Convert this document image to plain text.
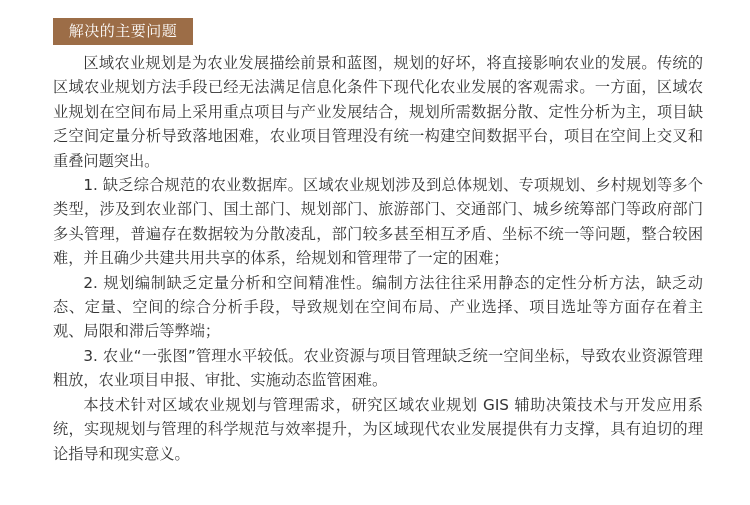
解决的主要问题

区域农业规划是为农业发展描绘前景和蓝图，规划的好坏，将直接影响农业的发展。传统的区域农业规划方法手段已经无法满足信息化条件下现代化农业发展的客观需求。一方面，区域农业规划在空间布局上采用重点项目与产业发展结合，规划所需数据分散、定性分析为主，项目缺乏空间定量分析导致落地困难，农业项目管理没有统一构建空间数据平台，项目在空间上交叉和重叠问题突出。

1. 缺乏综合规范的农业数据库。区域农业规划涉及到总体规划、专项规划、乡村规划等多个类型，涉及到农业部门、国土部门、规划部门、旅游部门、交通部门、城乡统筹部门等政府部门多头管理，普遍存在数据较为分散凌乱，部门较多甚至相互矛盾、坐标不统一等问题，整合较困难，并且确少共建共用共享的体系，给规划和管理带了一定的困难；

2. 规划编制缺乏定量分析和空间精准性。编制方法往往采用静态的定性分析方法，缺乏动态、定量、空间的综合分析手段，导致规划在空间布局、产业选择、项目选址等方面存在着主观、局限和滞后等弊端；

3. 农业“一张图”管理水平较低。农业资源与项目管理缺乏统一空间坐标，导致农业资源管理粗放，农业项目申报、审批、实施动态监管困难。

本技术针对区域农业规划与管理需求，研究区域农业规划 GIS 辅助决策技术与开发应用系统，实现规划与管理的科学规范与效率提升，为区域现代农业发展提供有力支撑，具有迫切的理论指导和现实意义。
